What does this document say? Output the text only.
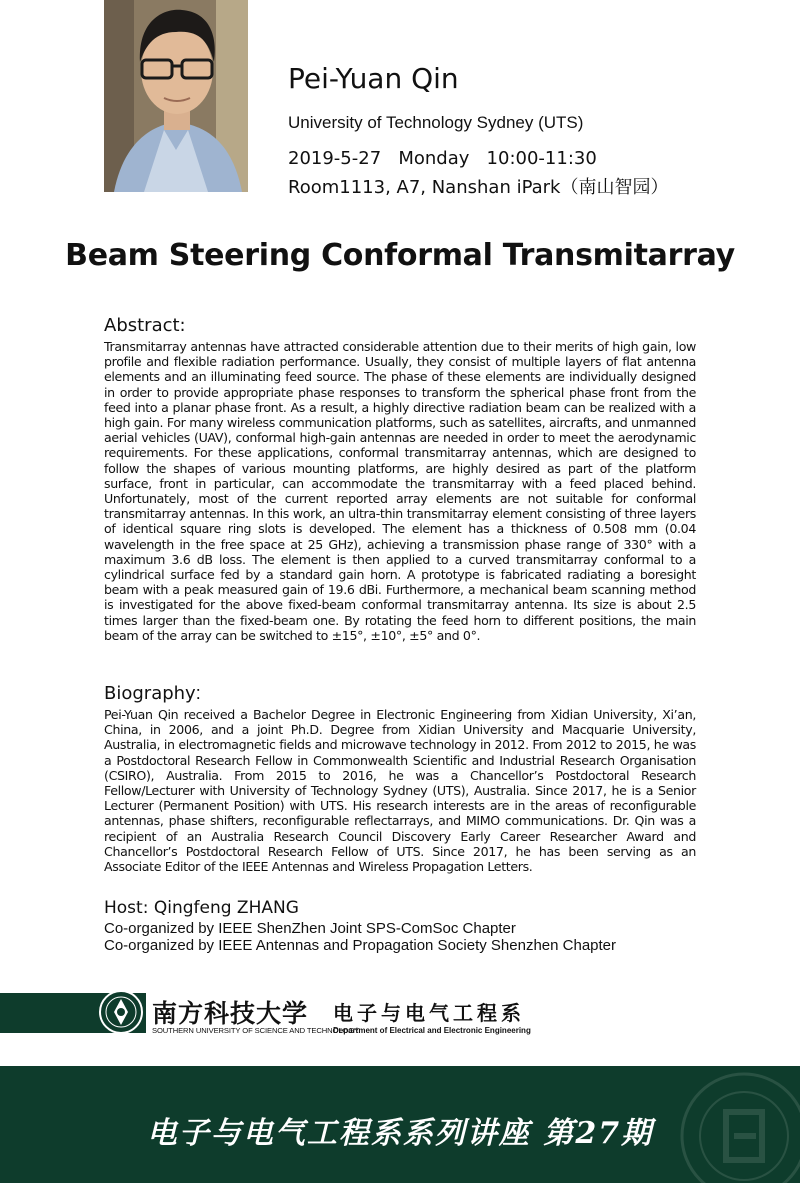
Pei-Yuan Qin
University of Technology Sydney (UTS)
2019-5-27   Monday   10:00-11:30
Room1113, A7, Nanshan iPark（南山智园）
Beam Steering Conformal Transmitarray
Abstract:
Transmitarray antennas have attracted considerable attention due to their merits of high gain, low profile and flexible radiation performance. Usually, they consist of multiple layers of flat antenna elements and an illuminating feed source. The phase of these elements are individually designed in order to provide appropriate phase responses to transform the spherical phase front from the feed into a planar phase front. As a result, a highly directive radiation beam can be realized with a high gain. For many wireless communication platforms, such as satellites, aircrafts, and unmanned aerial vehicles (UAV), conformal high-gain antennas are needed in order to meet the aerodynamic requirements. For these applications, conformal transmitarray antennas, which are designed to follow the shapes of various mounting platforms, are highly desired as part of the platform surface, front in particular, can accommodate the transmitarray with a feed placed behind. Unfortunately, most of the current reported array elements are not suitable for conformal transmitarray antennas. In this work, an ultra-thin transmitarray element consisting of three layers of identical square ring slots is developed. The element has a thickness of 0.508 mm (0.04 wavelength in the free space at 25 GHz), achieving a transmission phase range of 330° with a maximum 3.6 dB loss. The element is then applied to a curved transmitarray conformal to a cylindrical surface fed by a standard gain horn. A prototype is fabricated radiating a boresight beam with a peak measured gain of 19.6 dBi. Furthermore, a mechanical beam scanning method is investigated for the above fixed-beam conformal transmitarray antenna. Its size is about 2.5 times larger than the fixed-beam one. By rotating the feed horn to different positions, the main beam of the array can be switched to ±15°, ±10°, ±5° and 0°.
Biography:
Pei-Yuan Qin received a Bachelor Degree in Electronic Engineering from Xidian University, Xi’an, China, in 2006, and a joint Ph.D. Degree from Xidian University and Macquarie University, Australia, in electromagnetic fields and microwave technology in 2012. From 2012 to 2015, he was a Postdoctoral Research Fellow in Commonwealth Scientific and Industrial Research Organisation (CSIRO), Australia. From 2015 to 2016, he was a Chancellor’s Postdoctoral Research Fellow/Lecturer with University of Technology Sydney (UTS), Australia. Since 2017, he is a Senior Lecturer (Permanent Position) with UTS. His research interests are in the areas of reconfigurable antennas, phase shifters, reconfigurable reflectarrays, and MIMO communications. Dr. Qin was a recipient of an Australia Research Council Discovery Early Career Researcher Award and Chancellor’s Postdoctoral Research Fellow of UTS. Since 2017, he has been serving as an Associate Editor of the IEEE Antennas and Wireless Propagation Letters.
Host: Qingfeng ZHANG
Co-organized by IEEE ShenZhen Joint SPS-ComSoc Chapter
Co-organized by IEEE Antennas and Propagation Society Shenzhen Chapter
南方科技大学
SOUTHERN UNIVERSITY OF SCIENCE AND TECHNOLOGY
电子与电气工程系
Department of Electrical and Electronic Engineering
电子与电气工程系系列讲座 第27期
